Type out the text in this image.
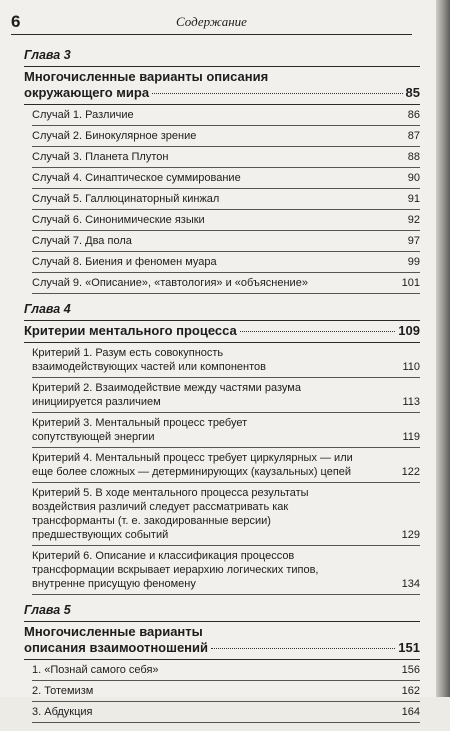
6	Содержание
Глава 3
Многочисленные варианты описания
окружающего мира	85
Случай 1. Различие	86
Случай 2. Бинокулярное зрение	87
Случай 3. Планета Плутон	88
Случай 4. Синаптическое суммирование	90
Случай 5. Галлюцинаторный кинжал	91
Случай 6. Синонимические языки	92
Случай 7. Два пола	97
Случай 8. Биения и феномен муара	99
Случай 9. «Описание», «тавтология» и «объяснение»	101
Глава 4
Критерии ментального процесса	109
Критерий 1. Разум есть совокупность
взаимодействующих частей или компонентов	110
Критерий 2. Взаимодействие между частями разума
инициируется различием	113
Критерий 3. Ментальный процесс требует
сопутствующей энергии	119
Критерий 4. Ментальный процесс требует циркулярных — или
еще более сложных — детерминирующих (каузальных) цепей	122
Критерий 5. В ходе ментального процесса результаты
воздействия различий следует рассматривать как
трансформанты (т. е. закодированные версии)
предшествующих событий	129
Критерий 6. Описание и классификация процессов
трансформации вскрывает иерархию логических типов,
внутренне присущую феномену	134
Глава 5
Многочисленные варианты
описания взаимоотношений	151
1. «Познай самого себя»	156
2. Тотемизм	162
3. Абдукция	164
